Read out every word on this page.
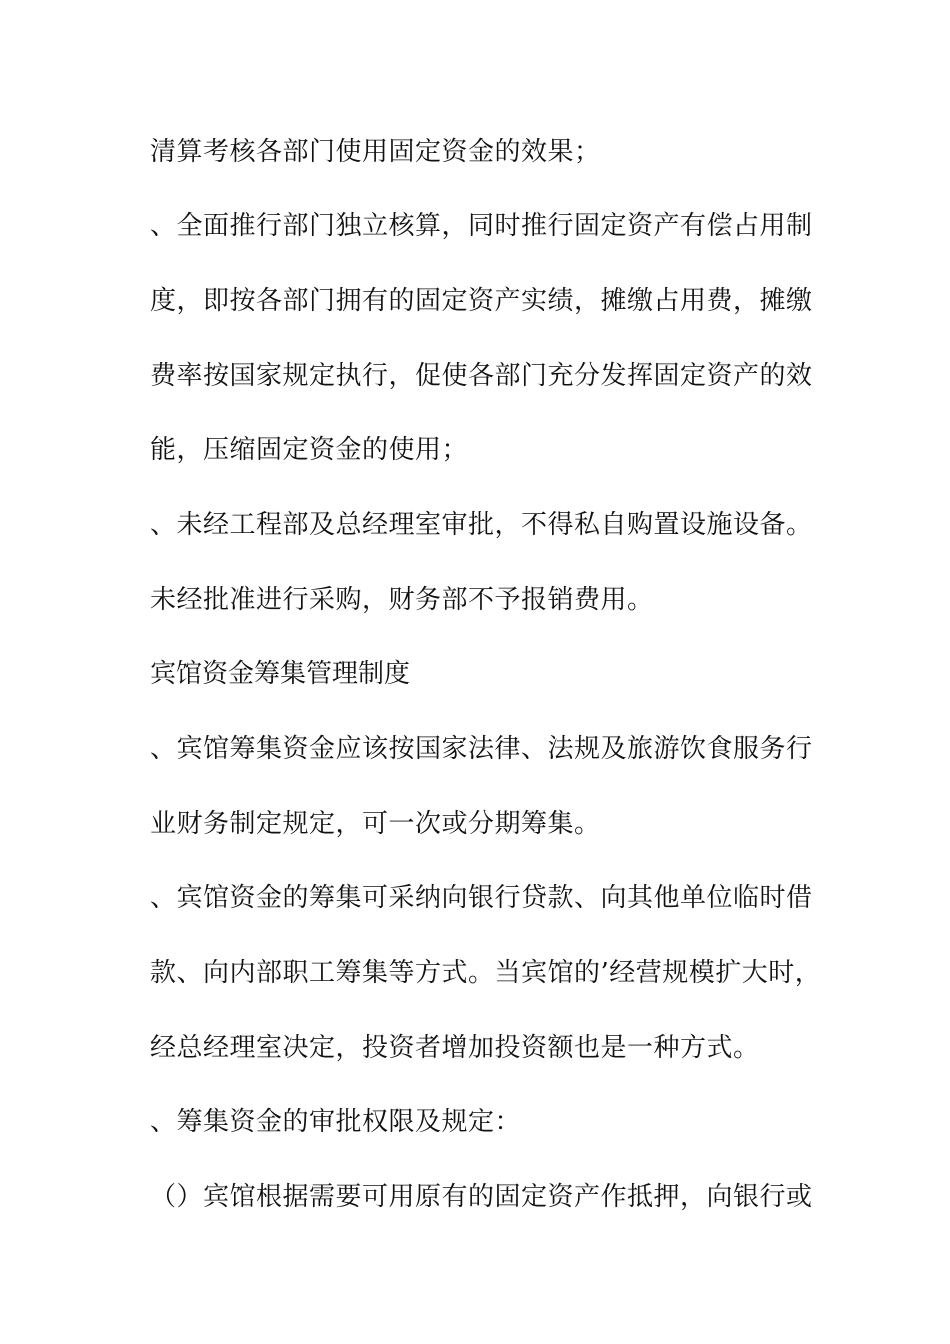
清算考核各部门使用固定资金的效果；
、全面推行部门独立核算，同时推行固定资产有偿占用制
度，即按各部门拥有的固定资产实绩，摊缴占用费，摊缴
费率按国家规定执行，促使各部门充分发挥固定资产的效
能，压缩固定资金的使用；
、未经工程部及总经理室审批，不得私自购置设施设备。
未经批准进行采购，财务部不予报销费用。
宾馆资金筹集管理制度
、宾馆筹集资金应该按国家法律、法规及旅游饮食服务行
业财务制定规定，可一次或分期筹集。
、宾馆资金的筹集可采纳向银行贷款、向其他单位临时借
款、向内部职工筹集等方式。当宾馆的’经营规模扩大时，
经总经理室决定，投资者增加投资额也是一种方式。
、筹集资金的审批权限及规定：
（）宾馆根据需要可用原有的固定资产作抵押，向银行或
